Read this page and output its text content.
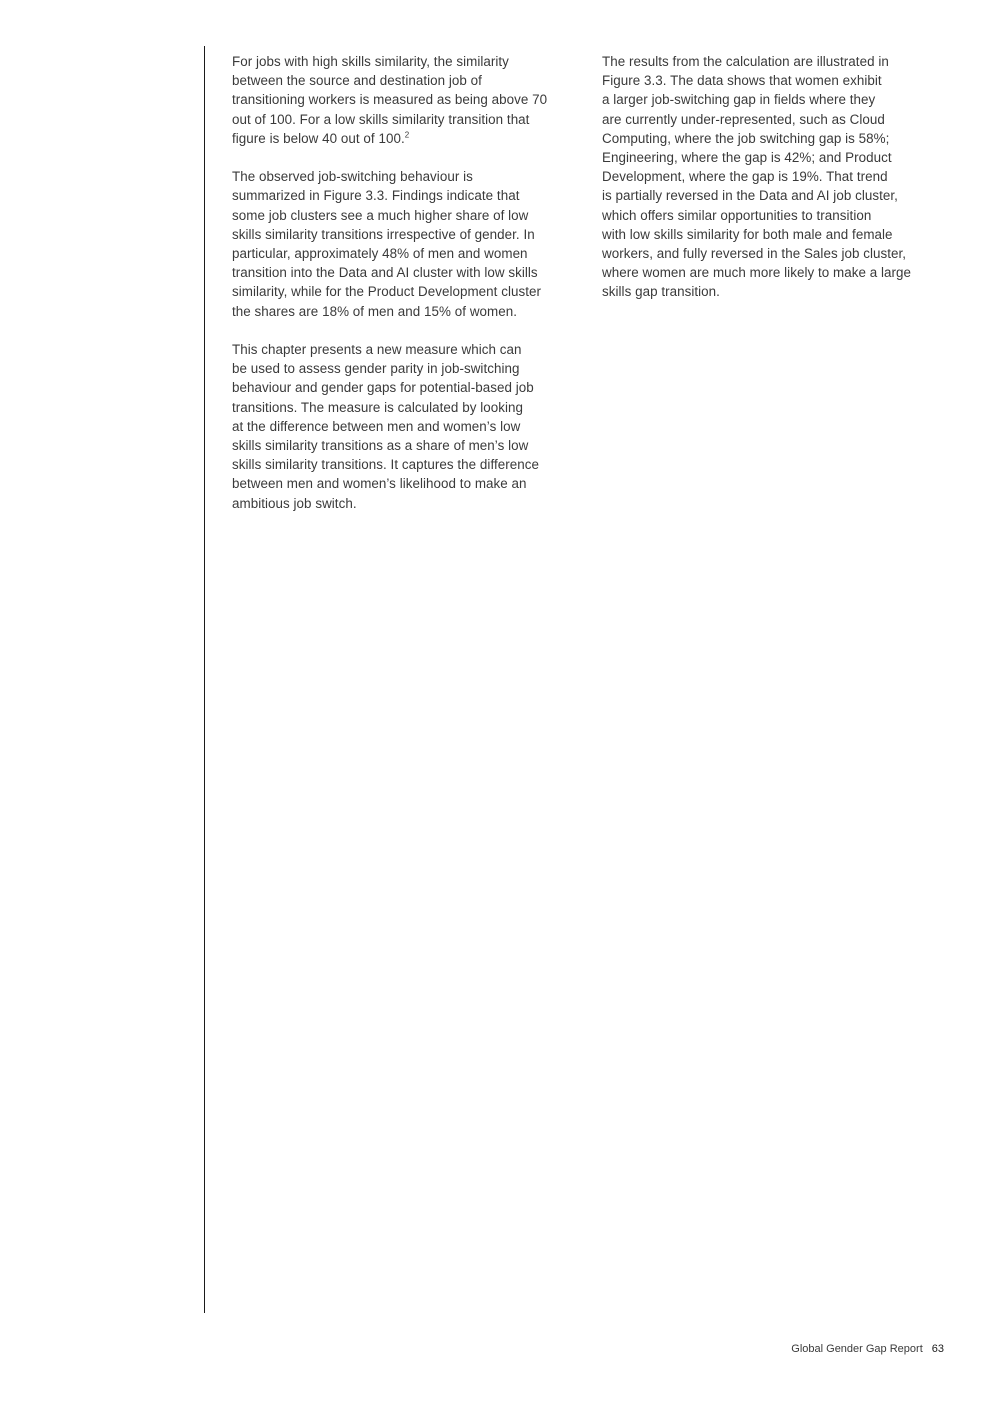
For jobs with high skills similarity, the similarity
between the source and destination job of
transitioning workers is measured as being above 70
out of 100. For a low skills similarity transition that
figure is below 40 out of 100.$^2$

The observed job-switching behaviour is
summarized in Figure 3.3. Findings indicate that
some job clusters see a much higher share of low
skills similarity transitions irrespective of gender. In
particular, approximately 48% of men and women
transition into the Data and AI cluster with low skills
similarity, while for the Product Development cluster
the shares are 18% of men and 15% of women.

This chapter presents a new measure which can
be used to assess gender parity in job-switching
behaviour and gender gaps for potential-based job
transitions. The measure is calculated by looking
at the difference between men and women’s low
skills similarity transitions as a share of men’s low
skills similarity transitions. It captures the difference
between men and women’s likelihood to make an
ambitious job switch.

The results from the calculation are illustrated in
Figure 3.3. The data shows that women exhibit
a larger job-switching gap in fields where they
are currently under-represented, such as Cloud
Computing, where the job switching gap is 58%;
Engineering, where the gap is 42%; and Product
Development, where the gap is 19%. That trend
is partially reversed in the Data and AI job cluster,
which offers similar opportunities to transition
with low skills similarity for both male and female
workers, and fully reversed in the Sales job cluster,
where women are much more likely to make a large
skills gap transition.

Global Gender Gap Report 63
